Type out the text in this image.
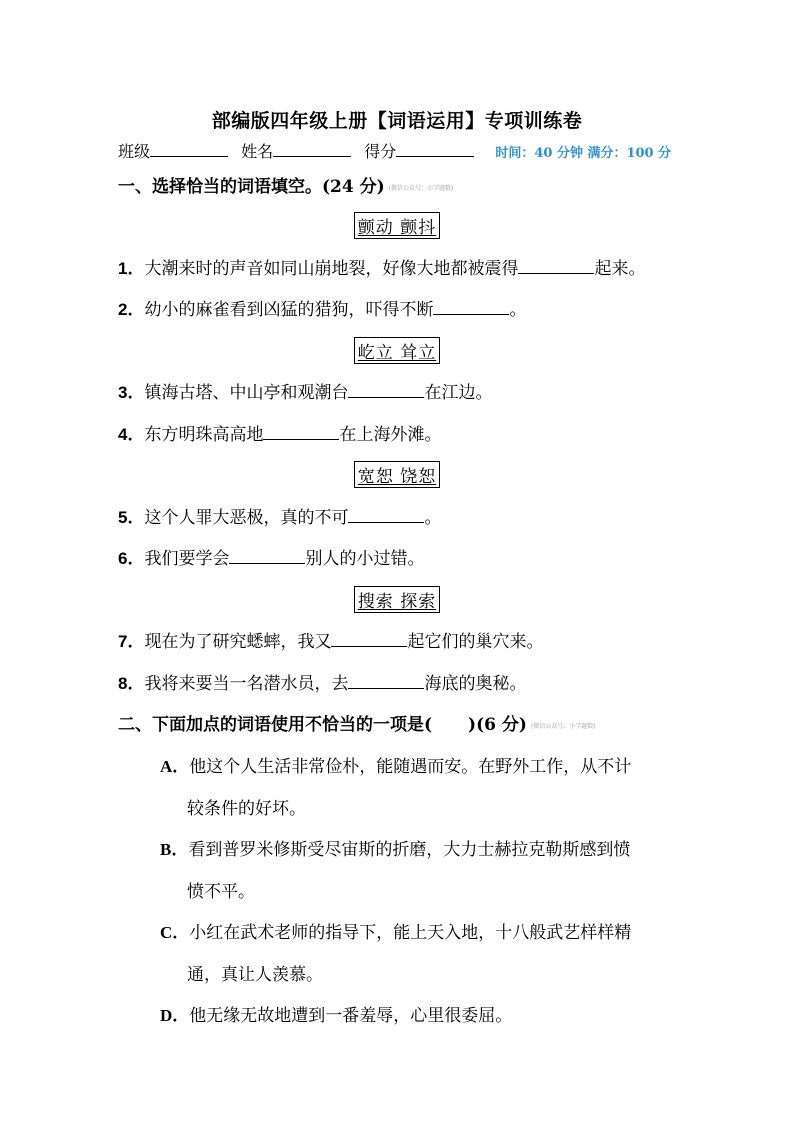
部编版四年级上册【词语运用】专项训练卷
班级	姓名	得分	时间：40 分钟 满分：100 分
一、选择恰当的词语填空。(24 分) (微信公众号：小学题数)
颤动 颤抖
1．大潮来时的声音如同山崩地裂，好像大地都被震得	起来。
2．幼小的麻雀看到凶猛的猎狗，吓得不断	。
屹立 耸立
3．镇海古塔、中山亭和观潮台	在江边。
4．东方明珠高高地	在上海外滩。
宽恕 饶恕
5．这个人罪大恶极，真的不可	。
6．我们要学会	别人的小过错。
搜索 探索
7．现在为了研究蟋蟀，我又	起它们的巢穴来。
8．我将来要当一名潜水员，去	海底的奥秘。
二、下面加点的词语使用不恰当的一项是( )(6 分) (微信公众号：小学题数)
A．他这个人生活非常俭朴，能随遇而安。在野外工作，从不计
较条件的好坏。
B．看到普罗米修斯受尽宙斯的折磨，大力士赫拉克勒斯感到愤
愤不平。
C．小红在武术老师的指导下，能上天入地，十八般武艺样样精
通，真让人羡慕。
D．他无缘无故地遭到一番羞辱，心里很委屈。
